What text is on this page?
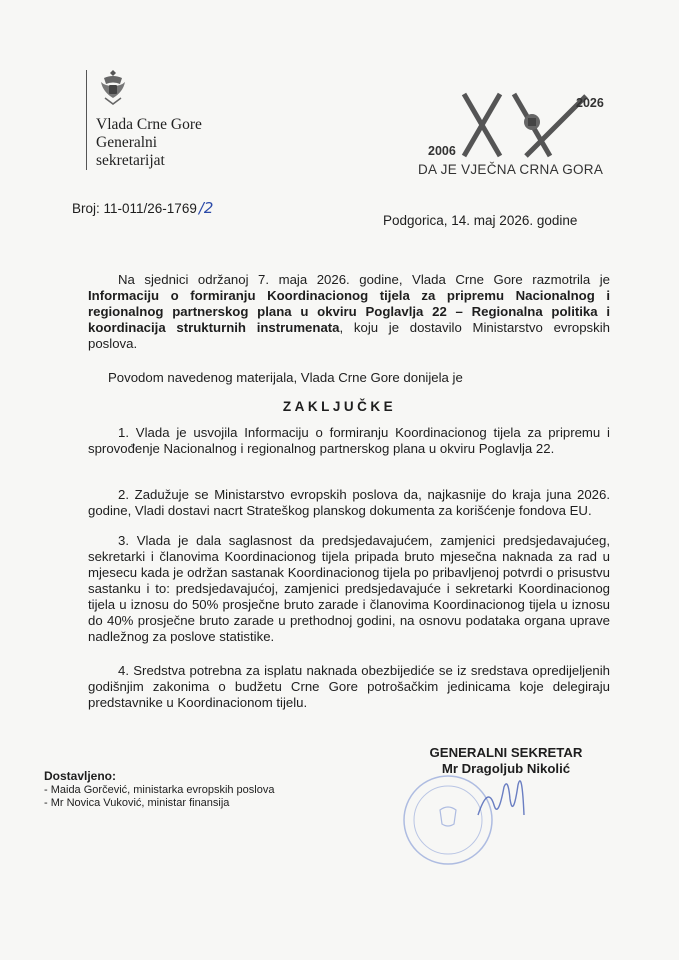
Vlada Crne Gore
Generalni
sekretarijat
2026
2006
DA JE VJEČNA CRNA GORA
Broj: 11-011/26-1769 /2
Podgorica, 14. maj 2026. godine

Na sjednici održanoj 7. maja 2026. godine, Vlada Crne Gore razmotrila je Informaciju o formiranju Koordinacionog tijela za pripremu Nacionalnog i regionalnog partnerskog plana u okviru Poglavlja 22 – Regionalna politika i koordinacija strukturnih instrumenata, koju je dostavilo Ministarstvo evropskih poslova.

Povodom navedenog materijala, Vlada Crne Gore donijela je

ZAKLJUČKE

1. Vlada je usvojila Informaciju o formiranju Koordinacionog tijela za pripremu i sprovođenje Nacionalnog i regionalnog partnerskog plana u okviru Poglavlja 22.

2. Zadužuje se Ministarstvo evropskih poslova da, najkasnije do kraja juna 2026. godine, Vladi dostavi nacrt Strateškog planskog dokumenta za korišćenje fondova EU.

3. Vlada je dala saglasnost da predsjedavajućem, zamjenici predsjedavajućeg, sekretarki i članovima Koordinacionog tijela pripada bruto mjesečna naknada za rad u mjesecu kada je održan sastanak Koordinacionog tijela po pribavljenoj potvrdi o prisustvu sastanku i to: predsjedavajućoj, zamjenici predsjedavajuće i sekretarki Koordinacionog tijela u iznosu do 50% prosječne bruto zarade i članovima Koordinacionog tijela u iznosu do 40% prosječne bruto zarade u prethodnoj godini, na osnovu podataka organa uprave nadležnog za poslove statistike.

4. Sredstva potrebna za isplatu naknada obezbijediće se iz sredstava opredijeljenih godišnjim zakonima o budžetu Crne Gore potrošačkim jedinicama koje delegiraju predstavnike u Koordinacionom tijelu.

GENERALNI SEKRETAR
Mr Dragoljub Nikolić
Dostavljeno:
- Maida Gorčević, ministarka evropskih poslova
- Mr Novica Vuković, ministar finansija
